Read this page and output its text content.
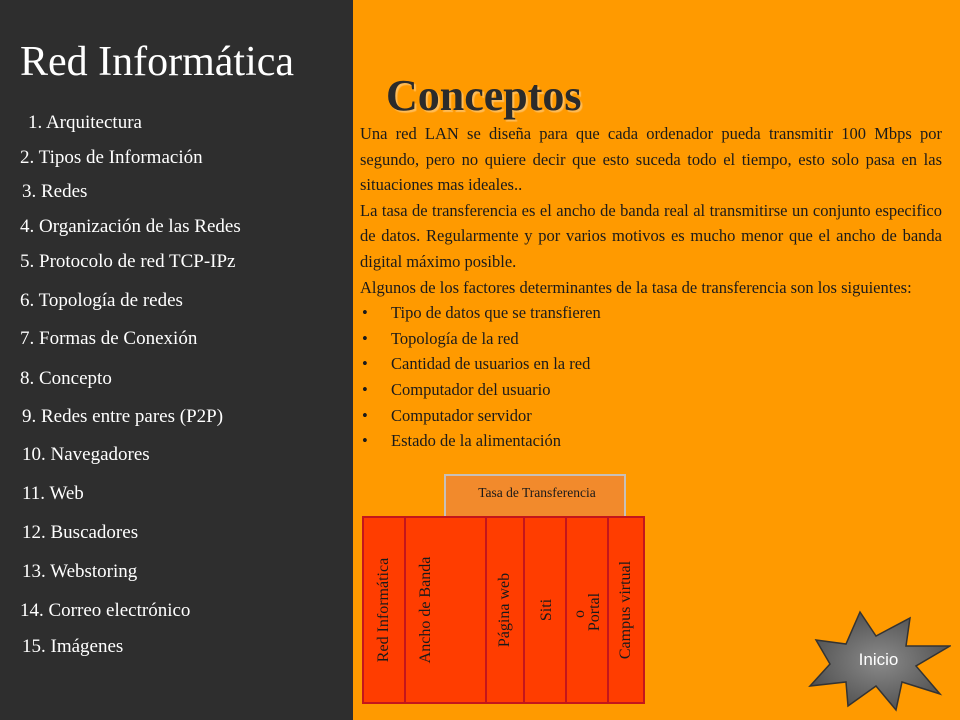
Red Informática
1. Arquitectura
2. Tipos de Información
3. Redes
4. Organización de las Redes
5. Protocolo de red TCP-IPz
6. Topología de redes
7. Formas de Conexión
8. Concepto
9. Redes entre pares (P2P)
10. Navegadores
11. Web
12. Buscadores
13. Webstoring
14. Correo electrónico
15. Imágenes
Conceptos

Una red LAN se diseña para que cada ordenador pueda transmitir 100 Mbps por segundo, pero no quiere decir que esto suceda todo el tiempo, esto solo pasa en las situaciones mas ideales..

La tasa de transferencia es el ancho de banda real al transmitirse un conjunto especifico de datos. Regularmente y por varios motivos es mucho menor que el ancho de banda digital máximo posible.

Algunos de los factores determinantes de la tasa de transferencia son los siguientes:

• Tipo de datos que se transfieren
• Topología de la red
• Cantidad de usuarios en la red
• Computador del usuario
• Computador servidor
• Estado de la alimentación
Tasa de Transferencia
Red Informática Ancho de Banda	Página web Siti o
Portal Campus virtual
Inicio
